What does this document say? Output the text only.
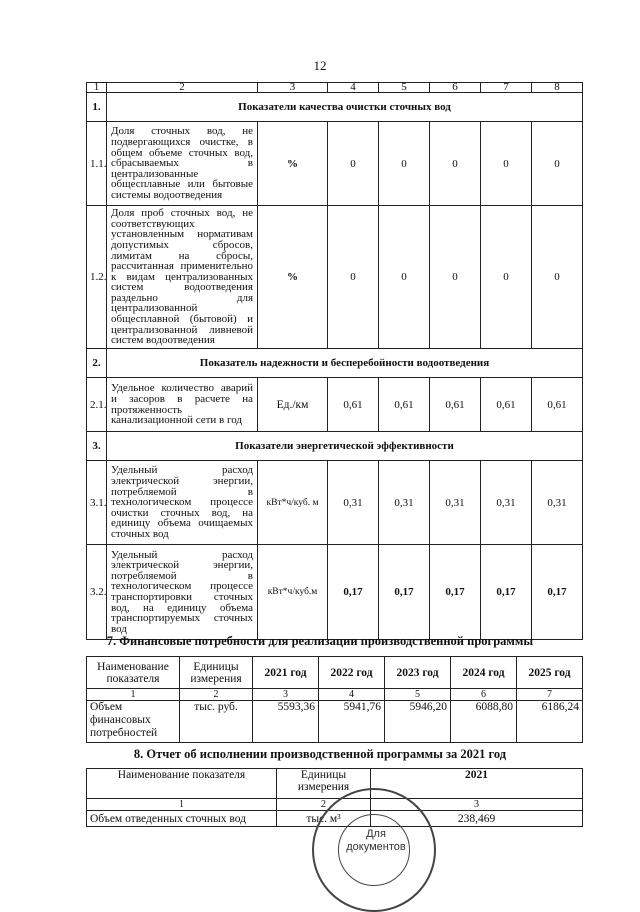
12
1	2	3	4	5	6	7	8
1.	Показатели качества очистки сточных вод						
1.1.	Доля сточных вод, не подвергающихся очистке, в общем объеме сточных вод, сбрасываемых в централизованные общесплавные или бытовые системы водоотведения	%	0	0	0	0	0
1.2.	Доля проб сточных вод, не соответствующих установленным нормативам допустимых сбросов, лимитам на сбросы, рассчитанная применительно к видам централизованных систем водоотведения раздельно для централизованной общесплавной (бытовой) и централизованной ливневой систем водоотведения	%	0	0	0	0	0
2.	Показатель надежности и бесперебойности водоотведения						
2.1.	Удельное количество аварий и засоров в расчете на протяженность канализационной сети в год	Ед./км	0,61	0,61	0,61	0,61	0,61
3.	Показатели энергетической эффективности						
3.1.	Удельный расход электрической энергии, потребляемой в технологическом процессе очистки сточных вод, на единицу объема очищаемых сточных вод	кВт*ч/куб. м	0,31	0,31	0,31	0,31	0,31
3.2.	Удельный расход электрической энергии, потребляемой в технологическом процессе транспортировки сточных вод, на единицу объема транспортируемых сточных вод	кВт*ч/куб.м	0,17	0,17	0,17	0,17	0,17
7. Финансовые потребности для реализации производственной программы
Наименование показателя	Единицы измерения	2021 год	2022 год	2023 год	2024 год	2025 год
1	2	3	4	5	6	7
Объем финансовых потребностей	тыс. руб.	5593,36	5941,76	5946,20	6088,80	6186,24
8. Отчет об исполнении производственной программы за 2021 год
Наименование показателя	Единицы измерения	2021
1	2	3
Объем отведенных сточных вод	тыс. м³	238,469
Для
документов
